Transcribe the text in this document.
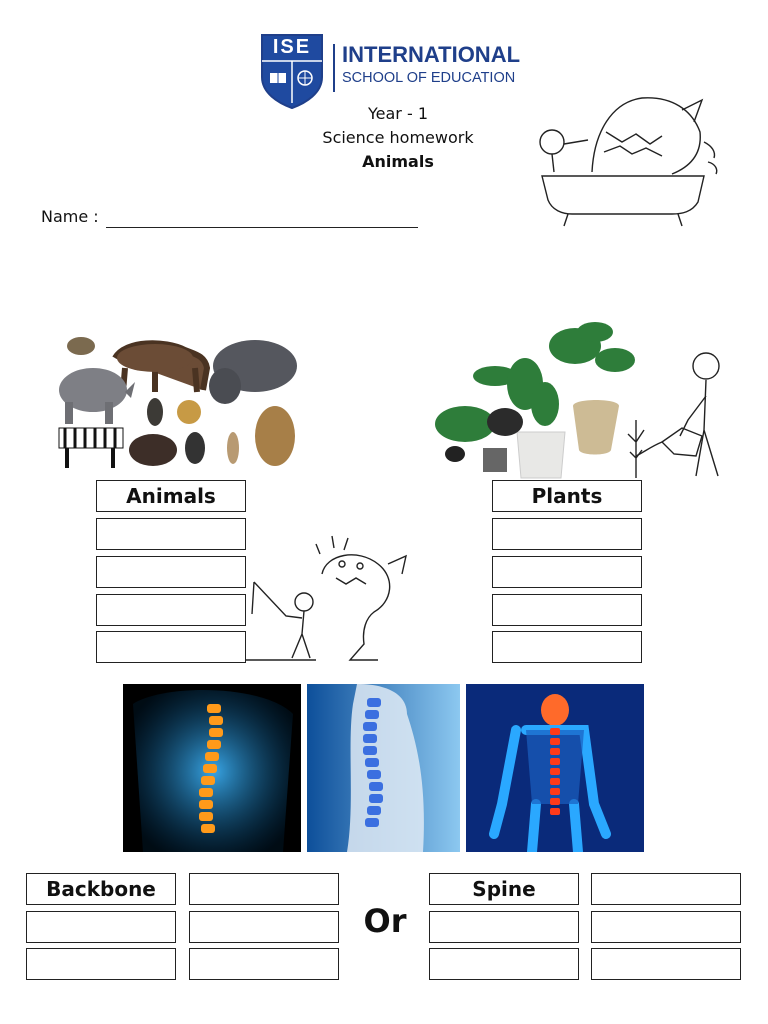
ISE	INTERNATIONAL
SCHOOL OF EDUCATION
Year - 1
Science homework
Animals
Name :
Animals	Plants
Backbone
Or
Spine
